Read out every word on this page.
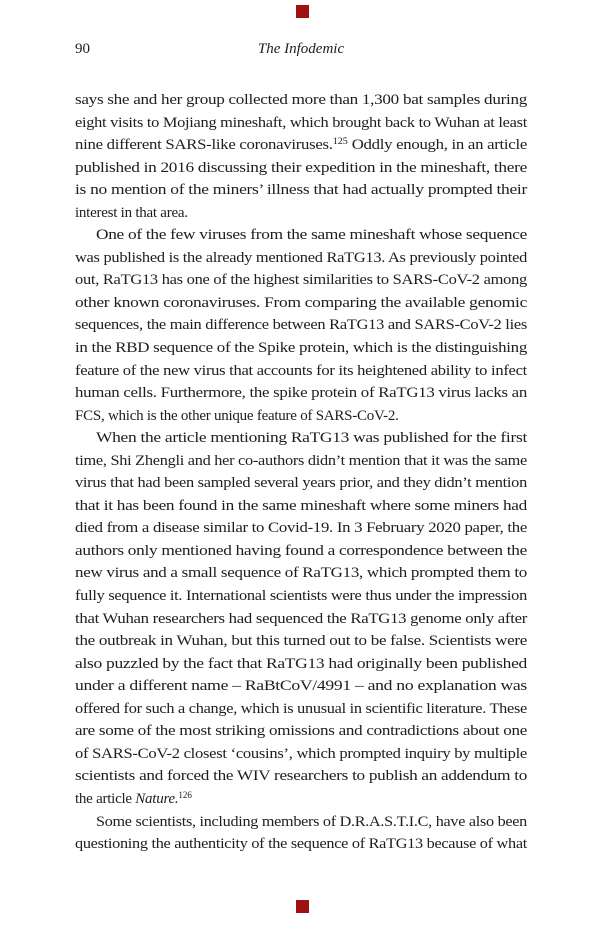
90	The Infodemic
says she and her group collected more than 1,300 bat samples during
eight visits to Mojiang mineshaft, which brought back to Wuhan at least
nine different SARS-like coronaviruses.$^{125}$ Oddly enough, in an article
published in 2016 discussing their expedition in the mineshaft, there
is no mention of the miners’ illness that had actually prompted their
interest in that area.
One of the few viruses from the same mineshaft whose sequence
was published is the already mentioned RaTG13. As previously pointed
out, RaTG13 has one of the highest similarities to SARS-CoV-2 among
other known coronaviruses. From comparing the available genomic
sequences, the main difference between RaTG13 and SARS-CoV-2 lies
in the RBD sequence of the Spike protein, which is the distinguishing
feature of the new virus that accounts for its heightened ability to infect
human cells. Furthermore, the spike protein of RaTG13 virus lacks an
FCS, which is the other unique feature of SARS-CoV-2.
When the article mentioning RaTG13 was published for the first
time, Shi Zhengli and her co-authors didn’t mention that it was the same
virus that had been sampled several years prior, and they didn’t mention
that it has been found in the same mineshaft where some miners had
died from a disease similar to Covid-19. In 3 February 2020 paper, the
authors only mentioned having found a correspondence between the
new virus and a small sequence of RaTG13, which prompted them to
fully sequence it. International scientists were thus under the impression
that Wuhan researchers had sequenced the RaTG13 genome only after
the outbreak in Wuhan, but this turned out to be false. Scientists were
also puzzled by the fact that RaTG13 had originally been published
under a different name – RaBtCoV/4991 – and no explanation was
offered for such a change, which is unusual in scientific literature. These
are some of the most striking omissions and contradictions about one
of SARS-CoV-2 closest ‘cousins’, which prompted inquiry by multiple
scientists and forced the WIV researchers to publish an addendum to
the article Nature.$^{126}$
Some scientists, including members of D.R.A.S.T.I.C, have also been
questioning the authenticity of the sequence of RaTG13 because of what
